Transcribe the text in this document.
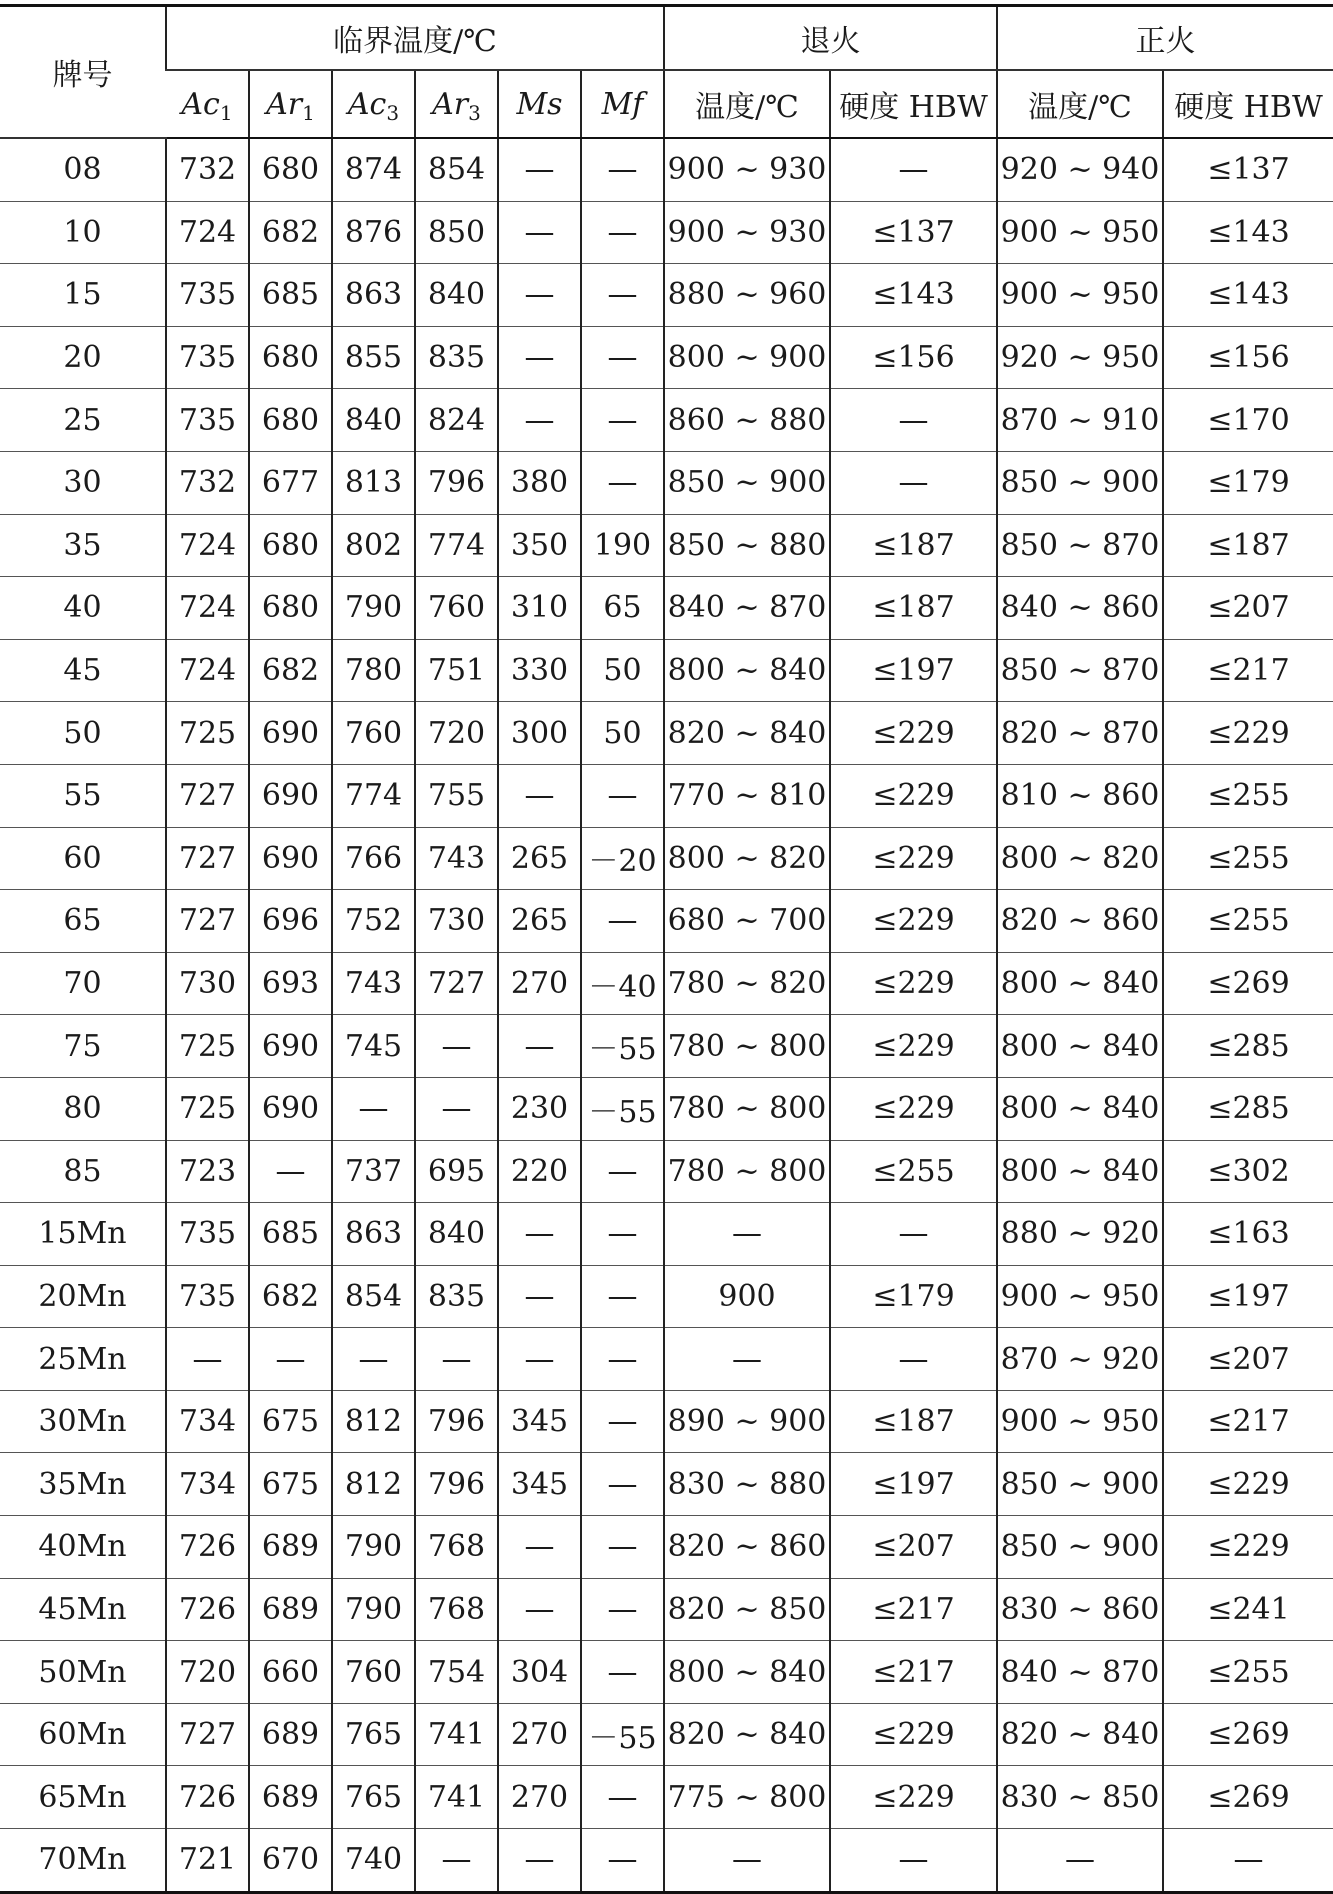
牌号	临界温度/℃						退火		正火	
	$Ac_1$	$Ar_1$	$Ac_3$	$Ar_3$	Ms	Mf	温度/℃	硬度 HBW	温度/℃	硬度 HBW
08	732	680	874	854	—	—	900 ~ 930	—	920 ~ 940	≤137
10	724	682	876	850	—	—	900 ~ 930	≤137	900 ~ 950	≤143
15	735	685	863	840	—	—	880 ~ 960	≤143	900 ~ 950	≤143
20	735	680	855	835	—	—	800 ~ 900	≤156	920 ~ 950	≤156
25	735	680	840	824	—	—	860 ~ 880	—	870 ~ 910	≤170
30	732	677	813	796	380	—	850 ~ 900	—	850 ~ 900	≤179
35	724	680	802	774	350	190	850 ~ 880	≤187	850 ~ 870	≤187
40	724	680	790	760	310	65	840 ~ 870	≤187	840 ~ 860	≤207
45	724	682	780	751	330	50	800 ~ 840	≤197	850 ~ 870	≤217
50	725	690	760	720	300	50	820 ~ 840	≤229	820 ~ 870	≤229
55	727	690	774	755	—	—	770 ~ 810	≤229	810 ~ 860	≤255
60	727	690	766	743	265	－20	800 ~ 820	≤229	800 ~ 820	≤255
65	727	696	752	730	265	—	680 ~ 700	≤229	820 ~ 860	≤255
70	730	693	743	727	270	－40	780 ~ 820	≤229	800 ~ 840	≤269
75	725	690	745	—	—	－55	780 ~ 800	≤229	800 ~ 840	≤285
80	725	690	—	—	230	－55	780 ~ 800	≤229	800 ~ 840	≤285
85	723	—	737	695	220	—	780 ~ 800	≤255	800 ~ 840	≤302
15Mn	735	685	863	840	—	—	—	—	880 ~ 920	≤163
20Mn	735	682	854	835	—	—	900	≤179	900 ~ 950	≤197
25Mn	—	—	—	—	—	—	—	—	870 ~ 920	≤207
30Mn	734	675	812	796	345	—	890 ~ 900	≤187	900 ~ 950	≤217
35Mn	734	675	812	796	345	—	830 ~ 880	≤197	850 ~ 900	≤229
40Mn	726	689	790	768	—	—	820 ~ 860	≤207	850 ~ 900	≤229
45Mn	726	689	790	768	—	—	820 ~ 850	≤217	830 ~ 860	≤241
50Mn	720	660	760	754	304	—	800 ~ 840	≤217	840 ~ 870	≤255
60Mn	727	689	765	741	270	－55	820 ~ 840	≤229	820 ~ 840	≤269
65Mn	726	689	765	741	270	—	775 ~ 800	≤229	830 ~ 850	≤269
70Mn	721	670	740	—	—	—	—	—	—	—
